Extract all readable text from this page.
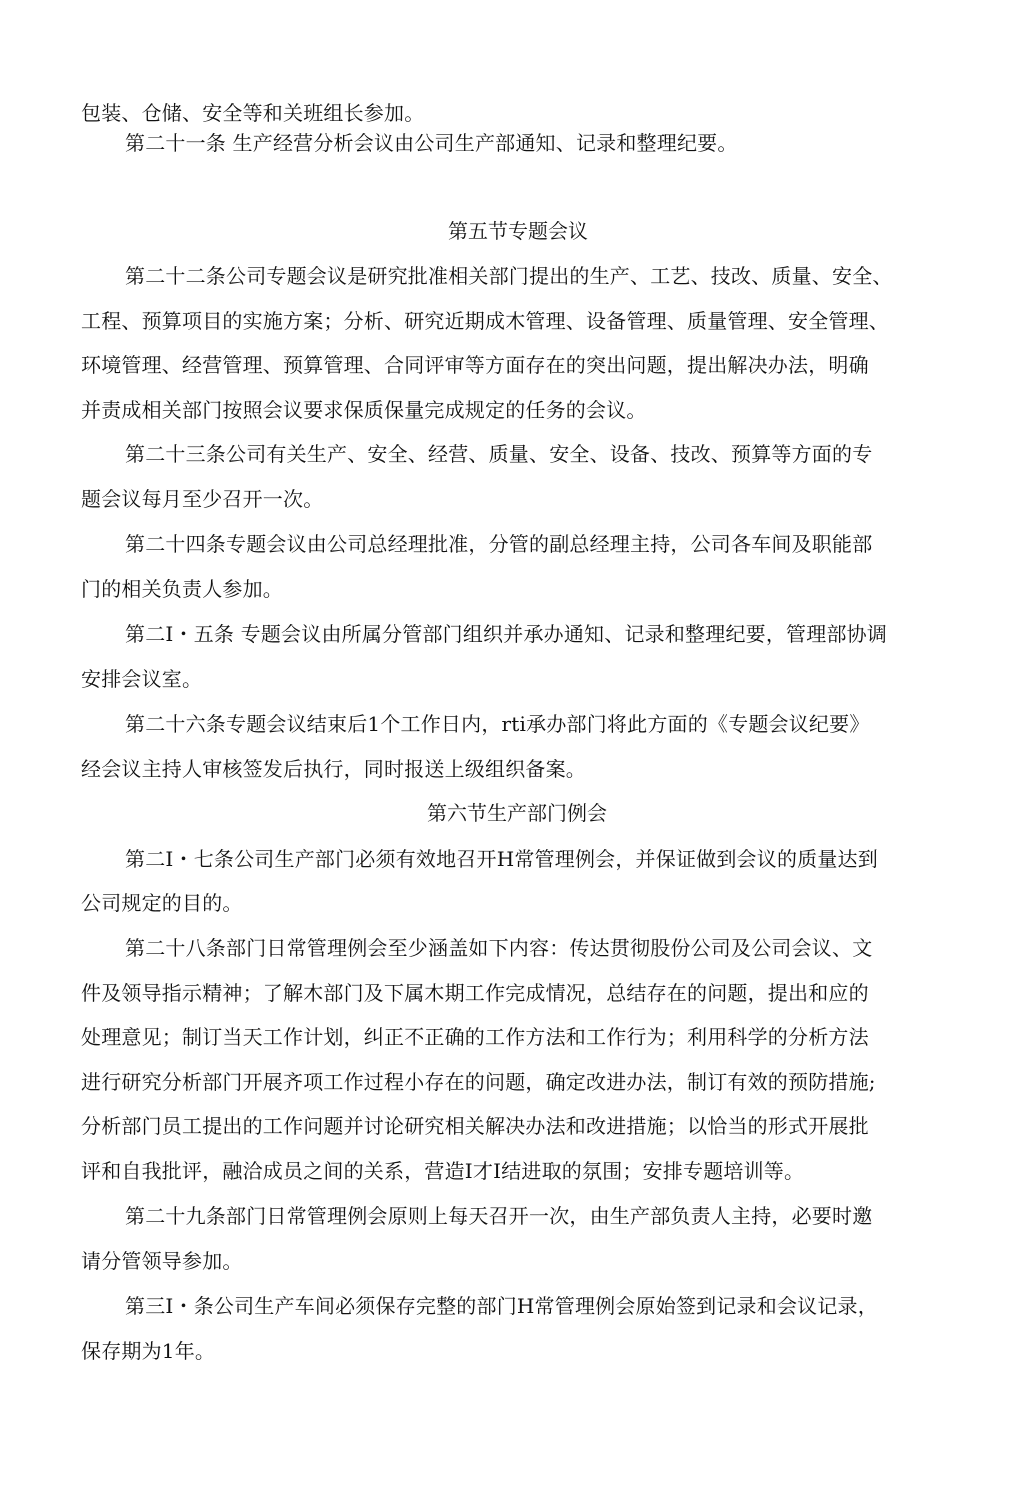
包装、仓储、安全等和关班组长参加。
第二十一条 生产经营分析会议由公司生产部通知、记录和整理纪要。
第五节专题会议
第二十二条公司专题会议是研究批准相关部门提出的生产、工艺、技改、质量、安全、
工程、预算项目的实施方案；分析、研究近期成木管理、设备管理、质量管理、安全管理、
环境管理、经营管理、预算管理、合同评审等方面存在的突出问题，提出解决办法，明确
并责成相关部门按照会议要求保质保量完成规定的任务的会议。
第二十三条公司有关生产、安全、经营、质量、安全、设备、技改、预算等方面的专
题会议每月至少召开一次。
第二十四条专题会议由公司总经理批准，分管的副总经理主持，公司各车间及职能部
门的相关负责人参加。
第二I・五条 专题会议由所属分管部门组织并承办通知、记录和整理纪要，管理部协调
安排会议室。
第二十六条专题会议结束后1个工作日内，rti承办部门将此方面的《专题会议纪要》
经会议主持人审核签发后执行，同时报送上级组织备案。
第六节生产部门例会
第二I・七条公司生产部门必须有效地召开H常管理例会，并保证做到会议的质量达到
公司规定的目的。
第二十八条部门日常管理例会至少涵盖如下内容：传达贯彻股份公司及公司会议、文
件及领导指示精神；了解木部门及下属木期工作完成情况，总结存在的问题，提出和应的
处理意见；制订当天工作计划，纠正不正确的工作方法和工作行为；利用科学的分析方法
进行研究分析部门开展齐项工作过程小存在的问题，确定改进办法，制订有效的预防措施;
分析部门员工提出的工作问题并讨论研究相关解决办法和改进措施；以恰当的形式开展批
评和自我批评，融洽成员之间的关系，营造I才I结进取的氛围；安排专题培训等。
第二十九条部门日常管理例会原则上每天召开一次，由生产部负责人主持，必要时邀
请分管领导参加。
第三I・条公司生产车间必须保存完整的部门H常管理例会原始签到记录和会议记录，
保存期为1年。
